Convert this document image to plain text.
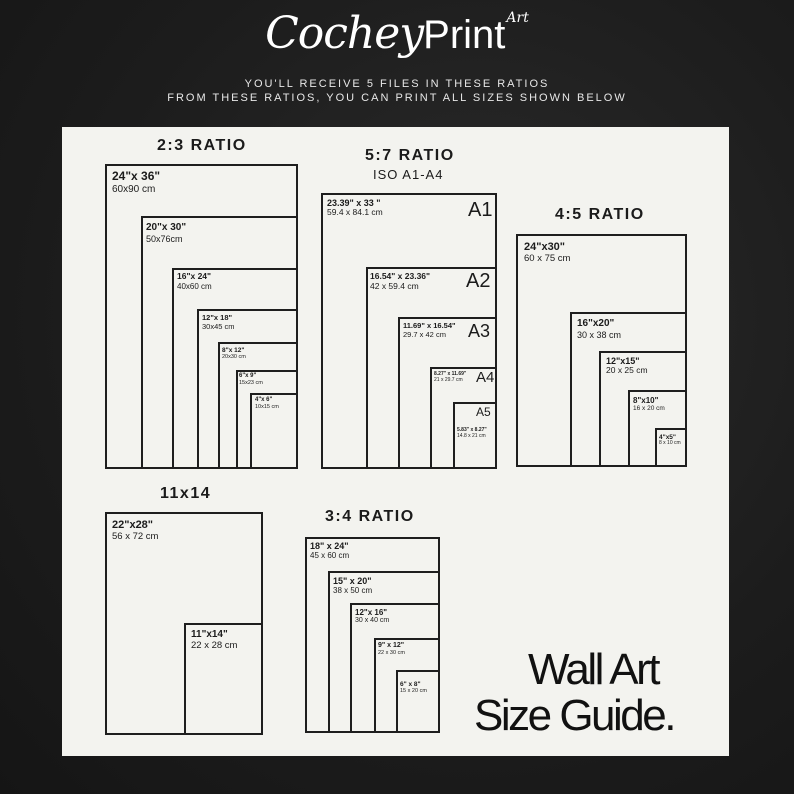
CocheyPrintArt
YOU'LL RECEIVE 5 FILES IN THESE RATIOS
FROM THESE RATIOS, YOU CAN PRINT ALL SIZES SHOWN BELOW
2:3 RATIO
24"x 36"
60x90 cm
20"x 30"
50x76cm
16"x 24"
40x60 cm
12"x 18"
30x45 cm
8"x 12"
20x30 cm
6"x 9"
15x23 cm
4"x 6"
10x15 cm
5:7 RATIO
ISO A1-A4
23.39" x 33 "
59.4 x 84.1 cm	A1
16.54" x 23.36"
42 x 59.4 cm	A2
11.69" x 16.54"
29.7 x 42 cm	A3
8.27" x 11.69"
21 x 29.7 cm A4
A5
5.83" x 8.27"
14.8 x 21 cm
4:5 RATIO
24"x30"
60 x 75 cm
16"x20"
30 x 38 cm
12"x15"
20 x 25 cm
8"x10"
16 x 20 cm
4"x5"
8 x 10 cm
11x14
22"x28"
56 x 72 cm
11"x14"
22 x 28 cm
3:4 RATIO
18" x 24"
45 x 60 cm
15" x 20"
38 x 50 cm
12"x 16"
30 x 40 cm
9" x 12"
22 x 30 cm
6" x 8"
15 x 20 cm Wall Art
Size Guide.
